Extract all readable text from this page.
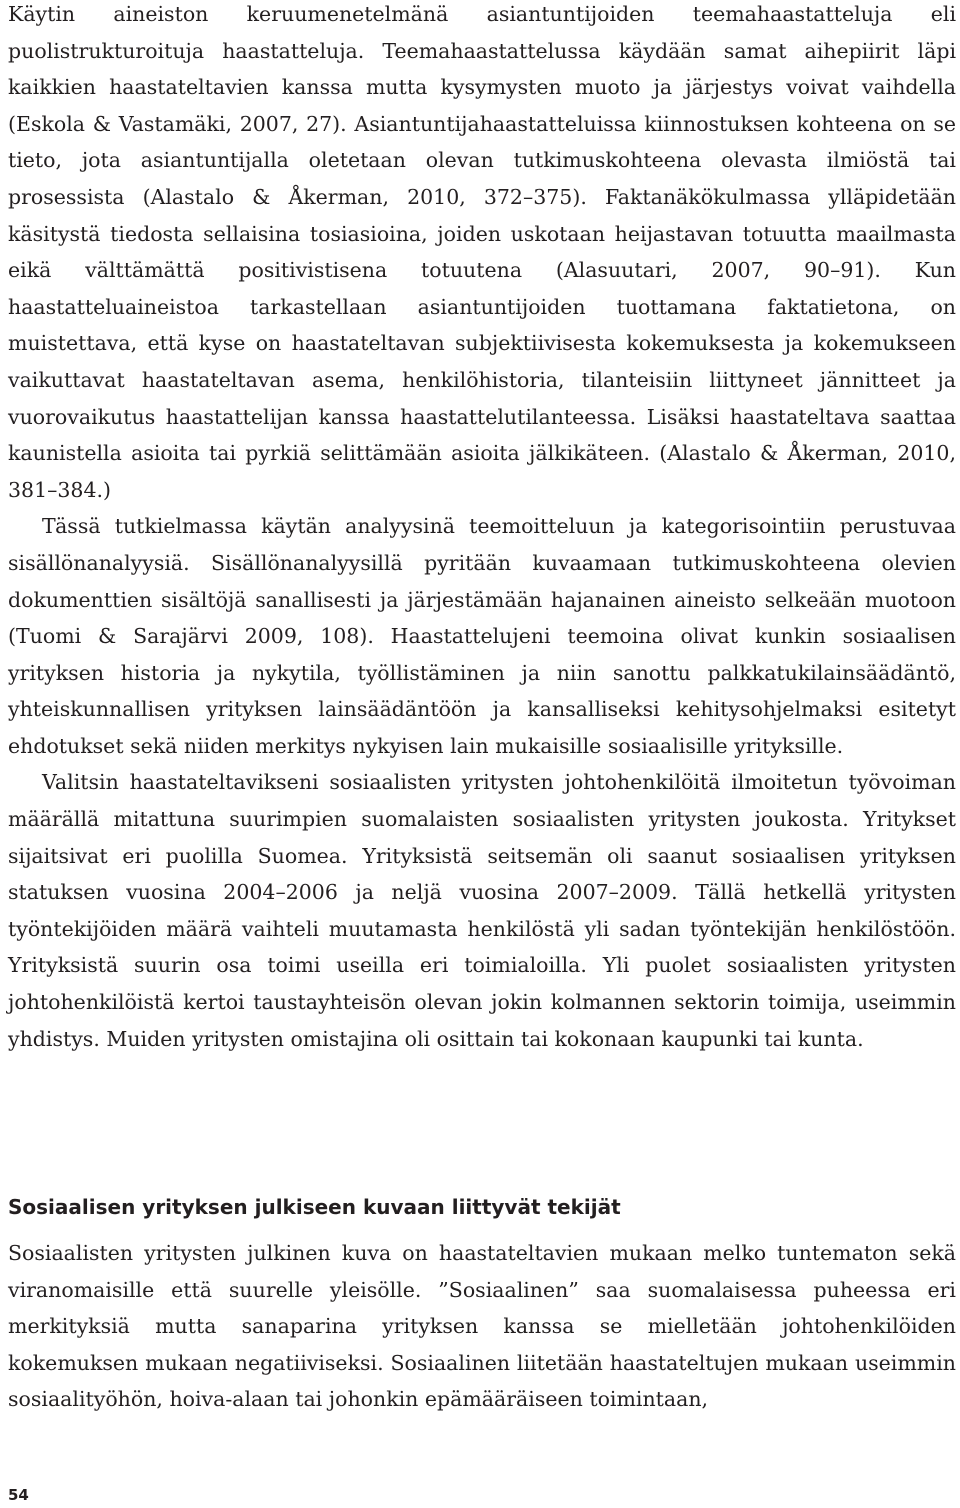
Käytin aineiston keruumenetelmänä asiantuntijoiden teemahaastatteluja eli puolistrukturoituja haastatteluja. Teemahaastattelussa käydään samat aihepiirit läpi kaikkien haastateltavien kanssa mutta kysymysten muoto ja järjestys voivat vaihdella (Eskola & Vastamäki, 2007, 27). Asiantuntijahaastatteluissa kiinnostuksen kohteena on se tieto, jota asiantuntijalla oletetaan olevan tutkimuskohteena olevasta ilmiöstä tai prosessista (Alastalo & Åkerman, 2010, 372–375). Faktanäkökulmassa ylläpidetään käsitystä tiedosta sellaisina tosiasioina, joiden uskotaan heijastavan totuutta maailmasta eikä välttämättä positivistisena totuutena (Alasuutari, 2007, 90–91). Kun haastatteluaineistoa tarkastellaan asiantuntijoiden tuottamana faktatietona, on muistettava, että kyse on haastateltavan subjektiivisesta kokemuksesta ja kokemukseen vaikuttavat haastateltavan asema, henkilöhistoria, tilanteisiin liittyneet jännitteet ja vuorovaikutus haastattelijan kanssa haastattelutilanteessa. Lisäksi haastateltava saattaa kaunistella asioita tai pyrkiä selittämään asioita jälkikäteen. (Alastalo & Åkerman, 2010, 381–384.)

Tässä tutkielmassa käytän analyysinä teemoitteluun ja kategorisointiin perustuvaa sisällönanalyysiä. Sisällönanalyysillä pyritään kuvaamaan tutkimuskohteena olevien dokumenttien sisältöjä sanallisesti ja järjestämään hajanainen aineisto selkeään muotoon (Tuomi & Sarajärvi 2009, 108). Haastattelujeni teemoina olivat kunkin sosiaalisen yrityksen historia ja nykytila, työllistäminen ja niin sanottu palkkatukilainsäädäntö, yhteiskunnallisen yrityksen lainsäädäntöön ja kansalliseksi kehitysohjelmaksi esitetyt ehdotukset sekä niiden merkitys nykyisen lain mukaisille sosiaalisille yrityksille.

Valitsin haastateltavikseni sosiaalisten yritysten johtohenkilöitä ilmoitetun työvoiman määrällä mitattuna suurimpien suomalaisten sosiaalisten yritysten joukosta. Yritykset sijaitsivat eri puolilla Suomea. Yrityksistä seitsemän oli saanut sosiaalisen yrityksen statuksen vuosina 2004–2006 ja neljä vuosina 2007–2009. Tällä hetkellä yritysten työntekijöiden määrä vaihteli muutamasta henkilöstä yli sadan työntekijän henkilöstöön. Yrityksistä suurin osa toimi useilla eri toimialoilla. Yli puolet sosiaalisten yritysten johtohenkilöistä kertoi taustayhteisön olevan jokin kolmannen sektorin toimija, useimmin yhdistys. Muiden yritysten omistajina oli osittain tai kokonaan kaupunki tai kunta.

Sosiaalisen yrityksen julkiseen kuvaan liittyvät tekijät

Sosiaalisten yritysten julkinen kuva on haastateltavien mukaan melko tuntematon sekä viranomaisille että suurelle yleisölle. ”Sosiaalinen” saa suomalaisessa puheessa eri merkityksiä mutta sanaparina yrityksen kanssa se mielletään johtohenkilöiden kokemuksen mukaan negatiiviseksi. Sosiaalinen liitetään haastateltujen mukaan useimmin sosiaalityöhön, hoiva-alaan tai johonkin epämääräiseen toimintaan,

54
